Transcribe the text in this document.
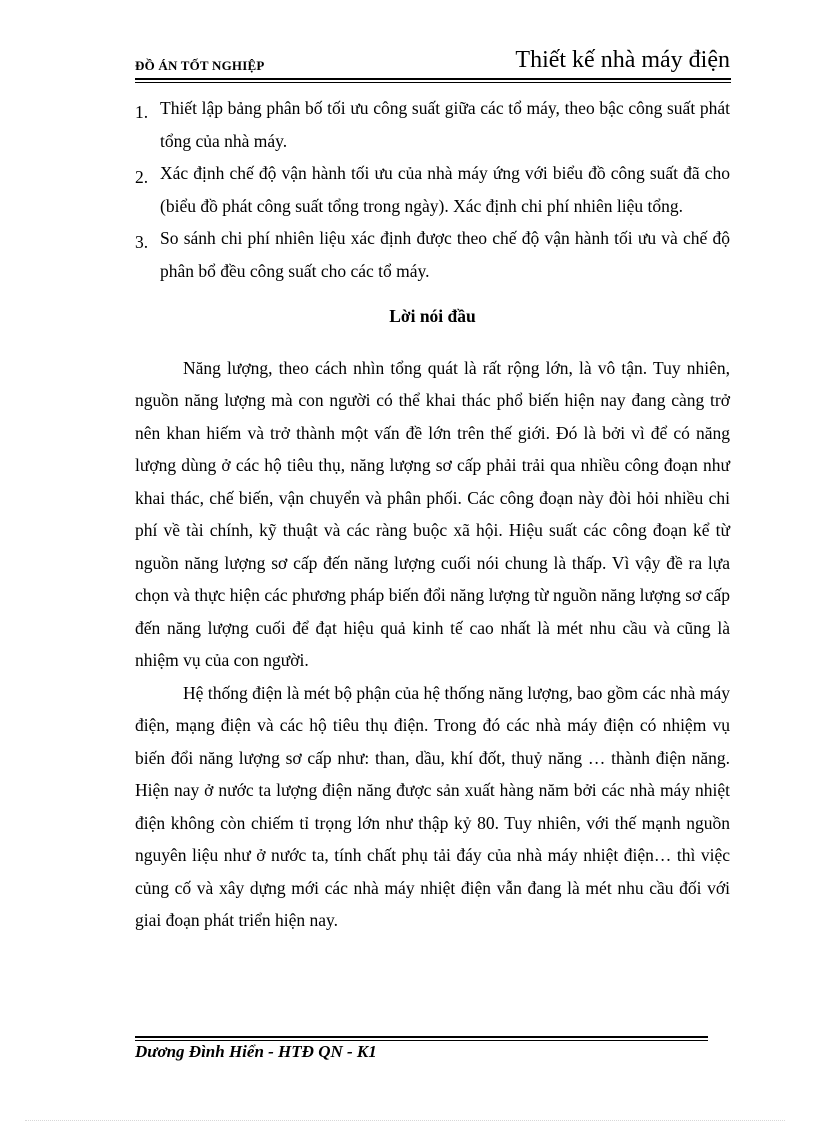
ĐỒ ÁN TỐT NGHIỆP	Thiết kế nhà máy điện
1. Thiết lập bảng phân bố tối ưu công suất giữa các tổ máy, theo bậc công suất phát tổng của nhà máy.
2. Xác định chế độ vận hành tối ưu của nhà máy ứng với biểu đồ công suất đã cho (biểu đồ phát công suất tổng trong ngày). Xác định chi phí nhiên liệu tổng.
3. So sánh chi phí nhiên liệu xác định được theo chế độ vận hành tối ưu và chế độ phân bổ đều công suất cho các tổ máy.
Lời nói đầu

Năng lượng, theo cách nhìn tổng quát là rất rộng lớn, là vô tận. Tuy nhiên, nguồn năng lượng mà con người có thể khai thác phổ biến hiện nay đang càng trở nên khan hiếm và trở thành một vấn đề lớn trên thế giới. Đó là bởi vì để có năng lượng dùng ở các hộ tiêu thụ, năng lượng sơ cấp phải trải qua nhiều công đoạn như khai thác, chế biến, vận chuyển và phân phối. Các công đoạn này đòi hỏi nhiều chi phí về tài chính, kỹ thuật và các ràng buộc xã hội. Hiệu suất các công đoạn kể từ nguồn năng lượng sơ cấp đến năng lượng cuối nói chung là thấp. Vì vậy đề ra lựa chọn và thực hiện các phương pháp biến đổi năng lượng từ nguồn năng lượng sơ cấp đến năng lượng cuối để đạt hiệu quả kinh tế cao nhất là mét nhu cầu và cũng là nhiệm vụ của con người.

Hệ thống điện là mét bộ phận của hệ thống năng lượng, bao gồm các nhà máy điện, mạng điện và các hộ tiêu thụ điện. Trong đó các nhà máy điện có nhiệm vụ biến đổi năng lượng sơ cấp như: than, dầu, khí đốt, thuỷ năng … thành điện năng. Hiện nay ở nước ta lượng điện năng được sản xuất hàng năm bởi các nhà máy nhiệt điện không còn chiếm tỉ trọng lớn như thập kỷ 80. Tuy nhiên, với thế mạnh nguồn nguyên liệu như ở nước ta, tính chất phụ tải đáy của nhà máy nhiệt điện… thì việc củng cố và xây dựng mới các nhà máy nhiệt điện vẫn đang là mét nhu cầu đối với giai đoạn phát triển hiện nay.

Dương Đình Hiển - HTĐ QN - K1
